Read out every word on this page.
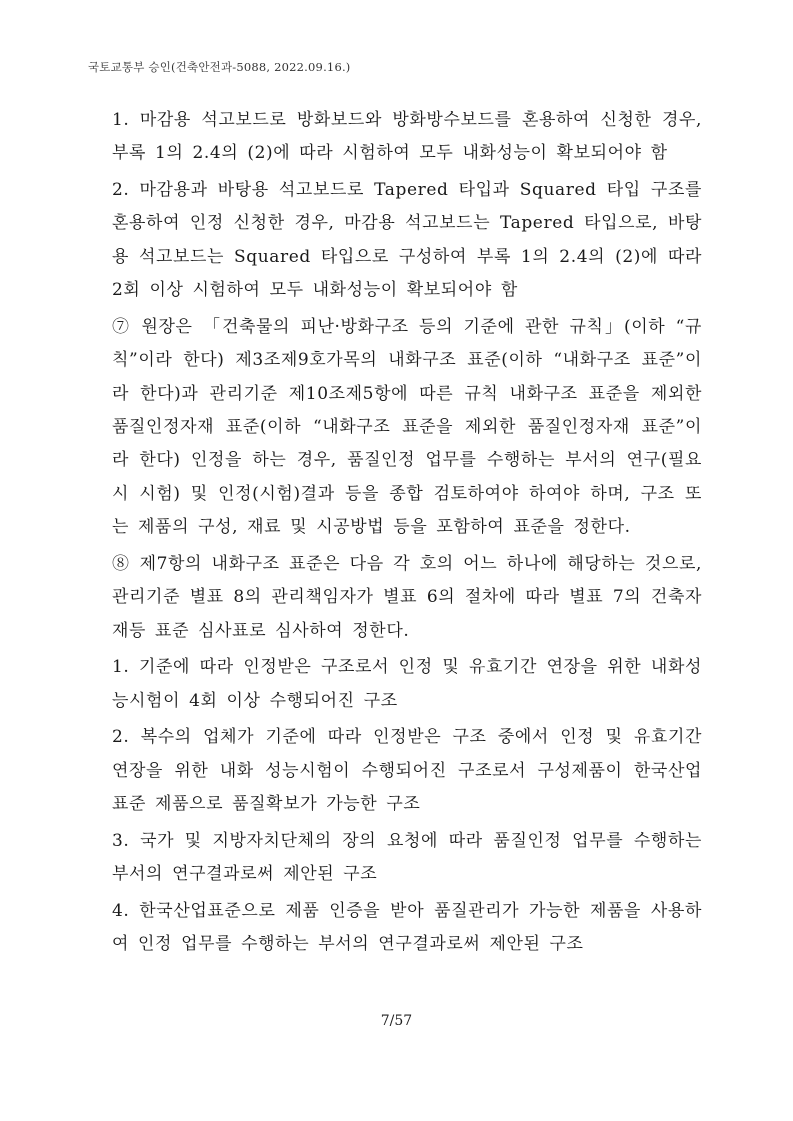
국토교통부 승인(건축안전과-5088, 2022.09.16.)

1. 마감용 석고보드로 방화보드와 방화방수보드를 혼용하여 신청한 경우, 부록 1의 2.4의 (2)에 따라 시험하여 모두 내화성능이 확보되어야 함

2. 마감용과 바탕용 석고보드로 Tapered 타입과 Squared 타입 구조를 혼용하여 인정 신청한 경우, 마감용 석고보드는 Tapered 타입으로, 바탕용 석고보드는 Squared 타입으로 구성하여 부록 1의 2.4의 (2)에 따라 2회 이상 시험하여 모두 내화성능이 확보되어야 함

⑦ 원장은 「건축물의 피난·방화구조 등의 기준에 관한 규칙」(이하 “규칙”이라 한다) 제3조제9호가목의 내화구조 표준(이하 “내화구조 표준”이라 한다)과 관리기준 제10조제5항에 따른 규칙 내화구조 표준을 제외한 품질인정자재 표준(이하 “내화구조 표준을 제외한 품질인정자재 표준”이라 한다) 인정을 하는 경우, 품질인정 업무를 수행하는 부서의 연구(필요시 시험) 및 인정(시험)결과 등을 종합 검토하여야 하여야 하며, 구조 또는 제품의 구성, 재료 및 시공방법 등을 포함하여 표준을 정한다.

⑧ 제7항의 내화구조 표준은 다음 각 호의 어느 하나에 해당하는 것으로, 관리기준 별표 8의 관리책임자가 별표 6의 절차에 따라 별표 7의 건축자재등 표준 심사표로 심사하여 정한다.

1. 기준에 따라 인정받은 구조로서 인정 및 유효기간 연장을 위한 내화성능시험이 4회 이상 수행되어진 구조

2. 복수의 업체가 기준에 따라 인정받은 구조 중에서 인정 및 유효기간 연장을 위한 내화 성능시험이 수행되어진 구조로서 구성제품이 한국산업표준 제품으로 품질확보가 가능한 구조

3. 국가 및 지방자치단체의 장의 요청에 따라 품질인정 업무를 수행하는 부서의 연구결과로써 제안된 구조

4. 한국산업표준으로 제품 인증을 받아 품질관리가 가능한 제품을 사용하여 인정 업무를 수행하는 부서의 연구결과로써 제안된 구조

7/57
